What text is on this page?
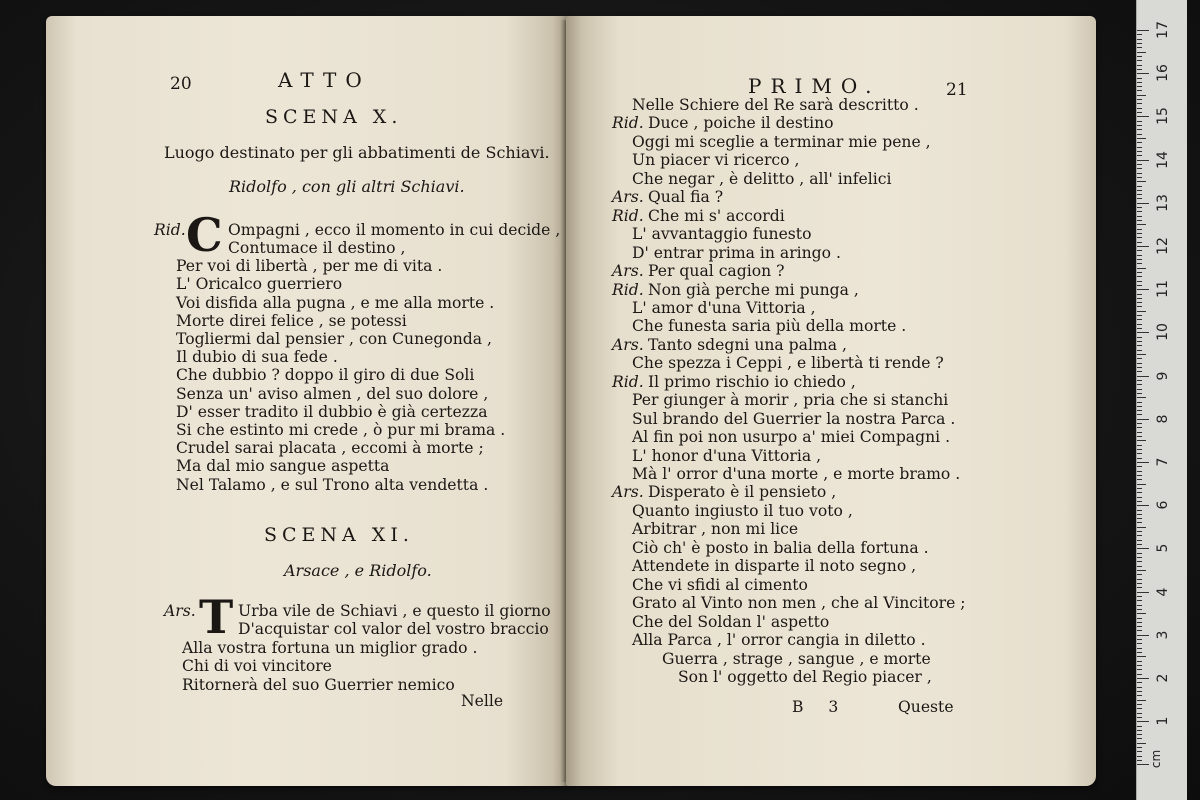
20	ATTO
SCENA X.
Luogo destinato per gli abbatimenti de Schiavi.
Ridolfo , con gli altri Schiavi.
Rid. C Ompagni , ecco il momento in cui decide ,
Contumace il destino ,
Per voi di libertà , per me di vita .
L' Oricalco guerriero
Voi disfida alla pugna , e me alla morte .
Morte direi felice , se potessi
Togliermi dal pensier , con Cunegonda ,
Il dubio di sua fede .
Che dubbio ? doppo il giro di due Soli
Senza un' aviso almen , del suo dolore ,
D' esser tradito il dubbio è già certezza
Si che estinto mi crede , ò pur mi brama .
Crudel sarai placata , eccomi à morte ;
Ma dal mio sangue aspetta
Nel Talamo , e sul Trono alta vendetta .
SCENA XI.
Arsace , e Ridolfo.
Ars. T Urba vile de Schiavi , e questo il giorno
D'acquistar col valor del vostro braccio
Alla vostra fortuna un miglior grado .
Chi di voi vincitore
Ritornerà del suo Guerrier nemico
Nelle
PRIMO.	21
Nelle Schiere del Re sarà descritto .
Rid. Duce , poiche il destino
Oggi mi sceglie a terminar mie pene ,
Un piacer vi ricerco ,
Che negar , è delitto , all' infelici
Ars. Qual fia ?
Rid. Che mi s' accordi
L' avvantaggio funesto
D' entrar prima in aringo .
Ars. Per qual cagion ?
Rid. Non già perche mi punga ,
L' amor d'una Vittoria ,
Che funesta saria più della morte .
Ars. Tanto sdegni una palma ,
Che spezza i Ceppi , e libertà ti rende ?
Rid. Il primo rischio io chiedo ,
Per giunger à morir , pria che si stanchi
Sul brando del Guerrier la nostra Parca .
Al fin poi non usurpo a' miei Compagni .
L' honor d'una Vittoria ,
Mà l' orror d'una morte , e morte bramo .
Ars. Disperato è il pensieto ,
Quanto ingiusto il tuo voto ,
Arbitrar , non mi lice
Ciò ch' è posto in balia della fortuna .
Attendete in disparte il noto segno ,
Che vi sfidi al cimento
Grato al Vinto non men , che al Vincitore ;
Che del Soldan l' aspetto
Alla Parca , l' orror cangia in diletto .
Guerra , strage , sangue , e morte
Son l' oggetto del Regio piacer ,
B 3	Queste
cm
17
16
15
14
13
12
11
10
9
8
7
6
5
4
3
2
1
